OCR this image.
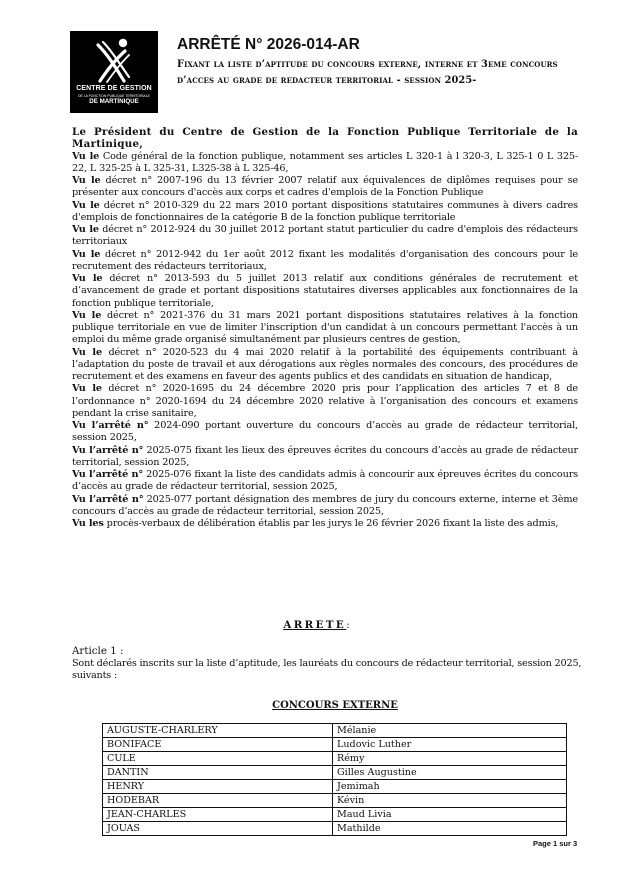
CENTRE DE GESTION
DE LA FONCTION PUBLIQUE TERRITORIALE
DE MARTINIQUE
ARRÊTÉ N° 2026-014-AR
Fixant la liste d’aptitude du concours externe, interne et 3eme concours d’acces au grade de redacteur territorial - session 2025-

Le Président du Centre de Gestion de la Fonction Publique Territoriale de la Martinique,

Vu le Code général de la fonction publique, notamment ses articles L 320-1 à l 320-3, L 325-1 0 L 325-22, L 325-25 à L 325-31, L325-38 à L 325-46,

Vu le décret n° 2007-196 du 13 février 2007 relatif aux équivalences de diplômes requises pour se présenter aux concours d'accès aux corps et cadres d'emplois de la Fonction Publique

Vu le décret n° 2010-329 du 22 mars 2010 portant dispositions statutaires communes à divers cadres d'emplois de fonctionnaires de la catégorie B de la fonction publique territoriale

Vu le décret n° 2012-924 du 30 juillet 2012 portant statut particulier du cadre d'emplois des rédacteurs territoriaux

Vu le décret n° 2012-942 du 1er août 2012 fixant les modalités d'organisation des concours pour le recrutement des rédacteurs territoriaux,

Vu le décret n° 2013-593 du 5 juillet 2013 relatif aux conditions générales de recrutement et d’avancement de grade et portant dispositions statutaires diverses applicables aux fonctionnaires de la fonction publique territoriale,

Vu le décret n° 2021-376 du 31 mars 2021 portant dispositions statutaires relatives à la fonction publique territoriale en vue de limiter l'inscription d'un candidat à un concours permettant l'accès à un emploi du même grade organisé simultanément par plusieurs centres de gestion,

Vu le décret n° 2020-523 du 4 mai 2020 relatif à la portabilité des équipements contribuant à l’adaptation du poste de travail et aux dérogations aux règles normales des concours, des procédures de recrutement et des examens en faveur des agents publics et des candidats en situation de handicap,

Vu le décret n° 2020-1695 du 24 décembre 2020 pris pour l’application des articles 7 et 8 de l’ordonnance n° 2020-1694 du 24 décembre 2020 relative à l’organisation des concours et examens pendant la crise sanitaire,

Vu l’arrêté n° 2024-090 portant ouverture du concours d’accès au grade de rédacteur territorial, session 2025,

Vu l’arrêté n° 2025-075 fixant les lieux des épreuves écrites du concours d’accès au grade de rédacteur territorial, session 2025,

Vu l’arrêté n° 2025-076 fixant la liste des candidats admis à concourir aux épreuves écrites du concours d’accès au grade de rédacteur territorial, session 2025,

Vu l’arrêté n° 2025-077 portant désignation des membres de jury du concours externe, interne et 3ème concours d’accès au grade de rédacteur territorial, session 2025,

Vu les procès-verbaux de délibération établis par les jurys le 26 février 2026 fixant la liste des admis,

ARRETE:
Article 1 :
Sont déclarés inscrits sur la liste d’aptitude, les lauréats du concours de rédacteur territorial, session 2025, suivants :
CONCOURS EXTERNE
AUGUSTE-CHARLERY	Mélanie
BONIFACE	Ludovic Luther
CULE	Rémy
DANTIN	Gilles Augustine
HENRY	Jemimah
HODEBAR	Kévin
JEAN-CHARLES	Maud Livia
JOUAS	Mathilde
Page 1 sur 3
